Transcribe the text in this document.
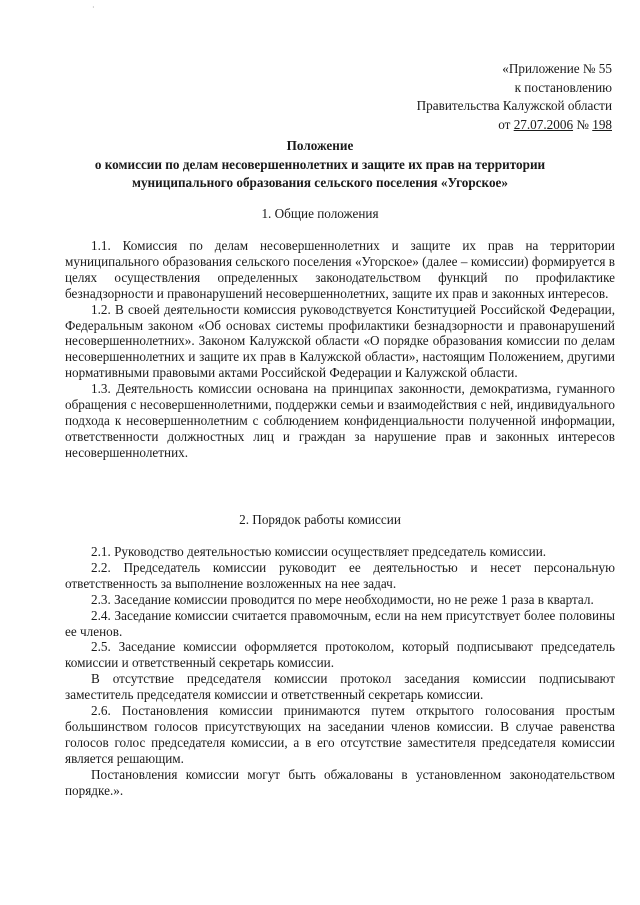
·
«Приложение № 55
к постановлению
Правительства Калужской области
от 27.07.2006 № 198
Положение
о комиссии по делам несовершеннолетних и защите их прав на территории
муниципального образования сельского поселения «Угорское»
1. Общие положения

1.1. Комиссия по делам несовершеннолетних и защите их прав на территории муниципального образования сельского поселения «Угорское» (далее – комиссии) формируется в целях осуществления определенных законодательством функций по профилактике безнадзорности и правонарушений несовершеннолетних, защите их прав и законных интересов.

1.2. В своей деятельности комиссия руководствуется Конституцией Российской Федерации, Федеральным законом «Об основах системы профилактики безнадзорности и правонарушений несовершеннолетних». Законом Калужской области «О порядке образования комиссии по делам несовершеннолетних и защите их прав в Калужской области», настоящим Положением, другими нормативными правовыми актами Российской Федерации и Калужской области.

1.3. Деятельность комиссии основана на принципах законности, демократизма, гуманного обращения с несовершеннолетними, поддержки семьи и взаимодействия с ней, индивидуального подхода к несовершеннолетним с соблюдением конфиденциальности полученной информации, ответственности должностных лиц и граждан за нарушение прав и законных интересов несовершеннолетних.

2. Порядок работы комиссии

2.1. Руководство деятельностью комиссии осуществляет председатель комиссии.

2.2. Председатель комиссии руководит ее деятельностью и несет персональную ответственность за выполнение возложенных на нее задач.

2.3. Заседание комиссии проводится по мере необходимости, но не реже 1 раза в квартал.

2.4. Заседание комиссии считается правомочным, если на нем присутствует более половины ее членов.

2.5. Заседание комиссии оформляется протоколом, который подписывают председатель комиссии и ответственный секретарь комиссии.

В отсутствие председателя комиссии протокол заседания комиссии подписывают заместитель председателя комиссии и ответственный секретарь комиссии.

2.6. Постановления комиссии принимаются путем открытого голосования простым большинством голосов присутствующих на заседании членов комиссии. В случае равенства голосов голос председателя комиссии, а в его отсутствие заместителя председателя комиссии является решающим.

Постановления комиссии могут быть обжалованы в установленном законодательством порядке.».
